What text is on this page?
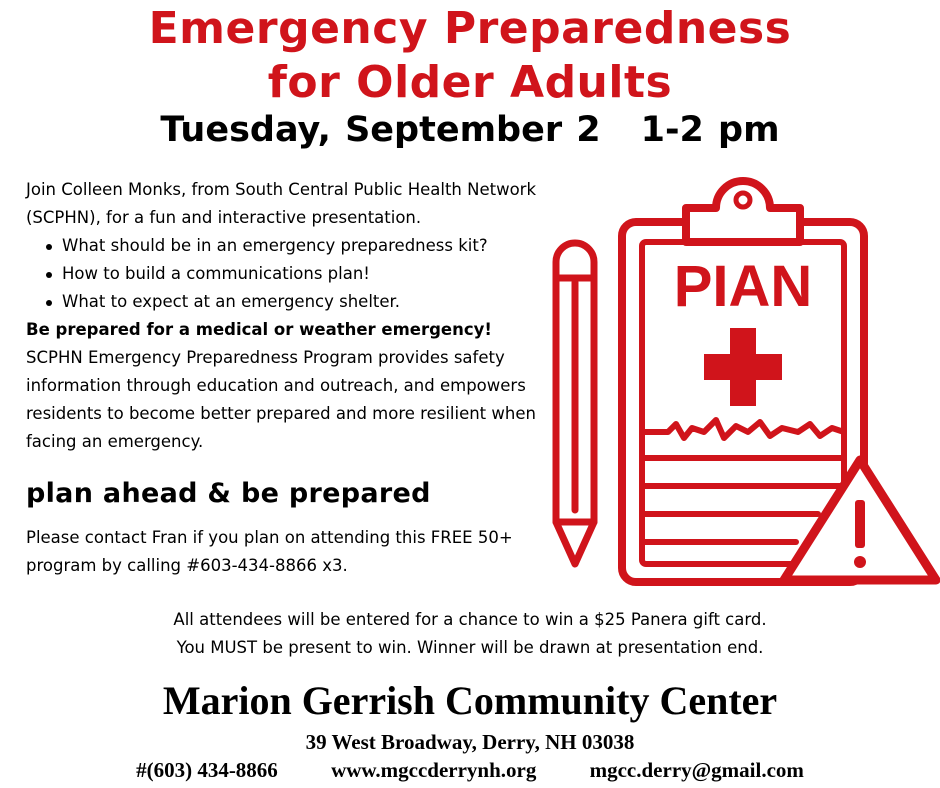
Emergency Preparedness
for Older Adults
Tuesday, September 2 1-2 pm

Join Colleen Monks, from South Central Public Health Network (SCPHN), for a fun and interactive presentation.

What should be in an emergency preparedness kit?
How to build a communications plan!
What to expect at an emergency shelter.

Be prepared for a medical or weather emergency!

SCPHN Emergency Preparedness Program provides safety information through education and outreach, and empowers residents to become better prepared and more resilient when facing an emergency.

plan ahead & be prepared
Please contact Fran if you plan on attending this FREE 50+ program by calling #603-434-8866 x3.

All attendees will be entered for a chance to win a $25 Panera gift card.

You MUST be present to win. Winner will be drawn at presentation end.

Marion Gerrish Community Center
39 West Broadway, Derry, NH 03038
#(603) 434-8866	www.mgccderrynh.org	mgcc.derry@gmail.com
PIAN
